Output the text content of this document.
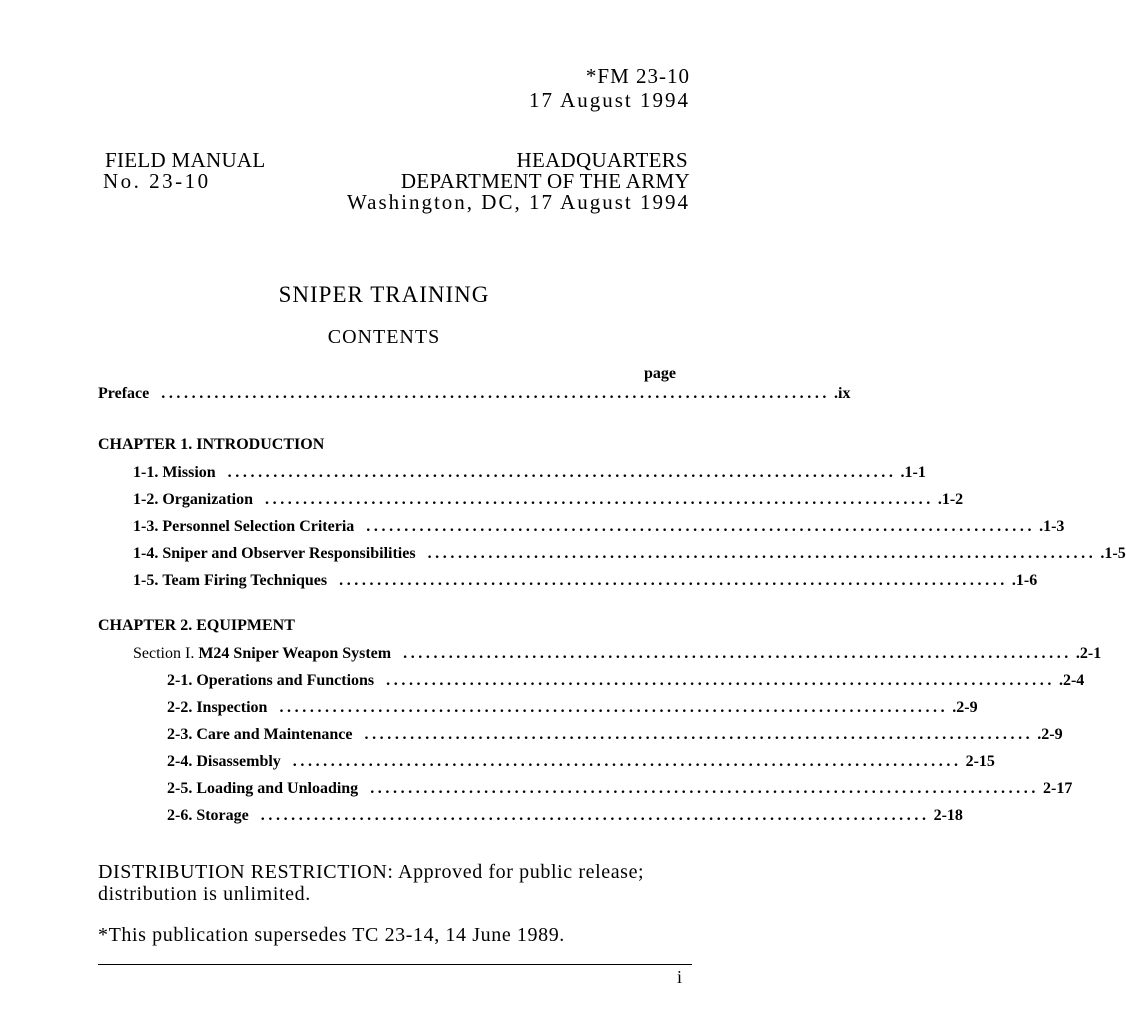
*FM 23-10
17 August 1994
FIELD MANUAL
No. 23-10
HEADQUARTERS
DEPARTMENT OF THE ARMY
Washington, DC, 17 August 1994
SNIPER TRAINING
CONTENTS
page
Preface ........................................................................................ .ix
CHAPTER 1. INTRODUCTION
1-1.
Mission ........................................................................................ .1-1
1-2.
Organization ........................................................................................ .1-2
1-3.
Personnel Selection Criteria ........................................................................................ .1-3
1-4.
Sniper and Observer Responsibilities ........................................................................................ .1-5
1-5.
Team Firing Techniques ........................................................................................ .1-6
CHAPTER 2. EQUIPMENT
Section I.
M24 Sniper Weapon System ........................................................................................ .2-1
2-1.
Operations and Functions ........................................................................................ .2-4
2-2.
Inspection ........................................................................................ .2-9
2-3.
Care and Maintenance ........................................................................................ .2-9
2-4.
Disassembly ........................................................................................ 2-15
2-5.
Loading and Unloading ........................................................................................ 2-17
2-6.
Storage ........................................................................................ 2-18
DISTRIBUTION RESTRICTION: Approved for public release; distribution is unlimited.
*This publication supersedes TC 23-14, 14 June 1989.
i
